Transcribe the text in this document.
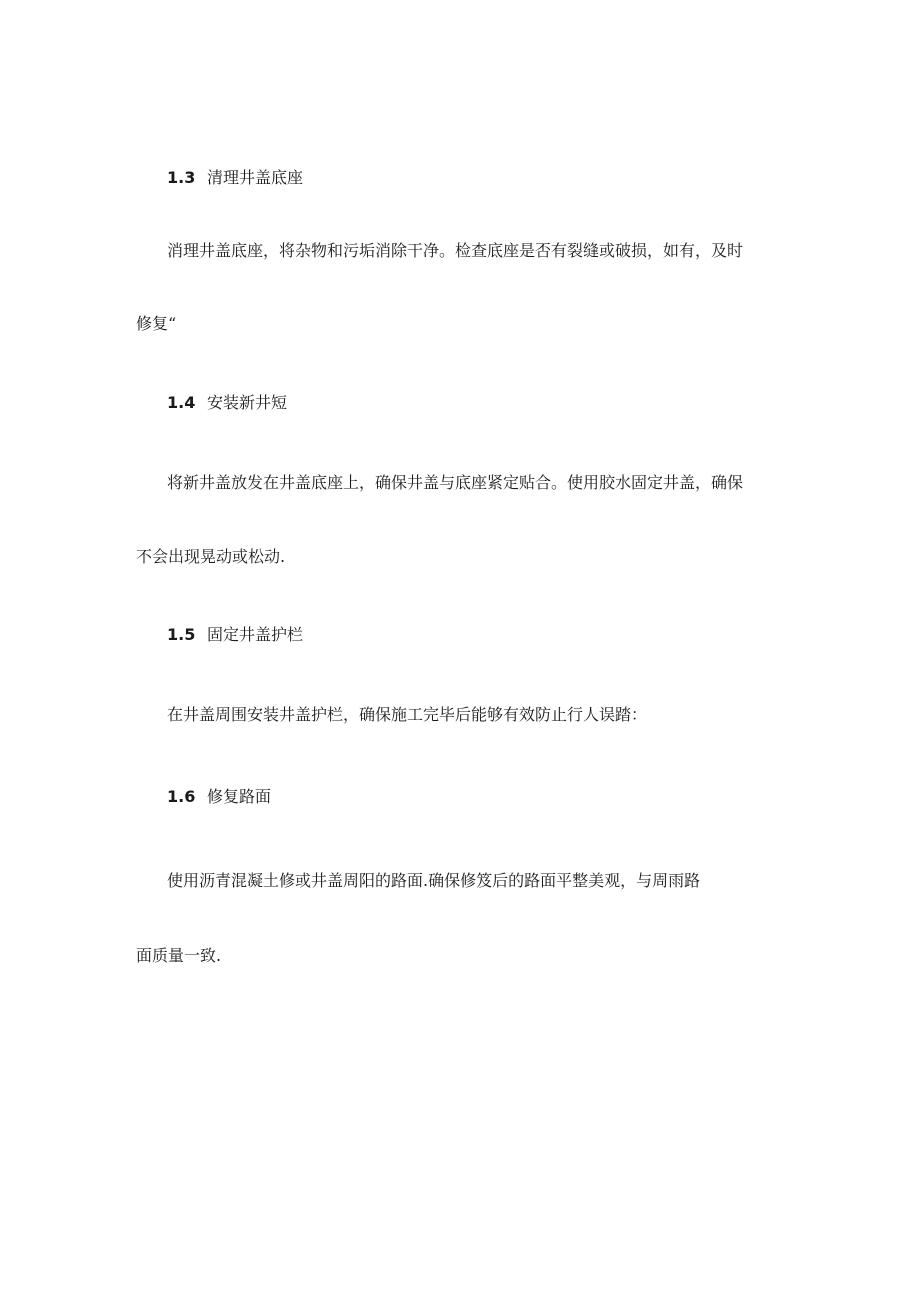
1.3 清理井盖底座
消理井盖底座，将杂物和污垢消除干净。检查底座是否有裂缝或破损，如有，及时
修复“
1.4 安装新井短
将新井盖放发在井盖底座上，确保井盖与底座紧定贴合。使用胶水固定井盖，确保
不会出现晃动或松动.
1.5 固定井盖护栏
在井盖周围安装井盖护栏，确保施工完毕后能够有效防止行人误踏：
1.6 修复路面
使用沥青混凝土修或井盖周阳的路面.确保修笈后的路面平整美观，与周雨路
面质量一致.
